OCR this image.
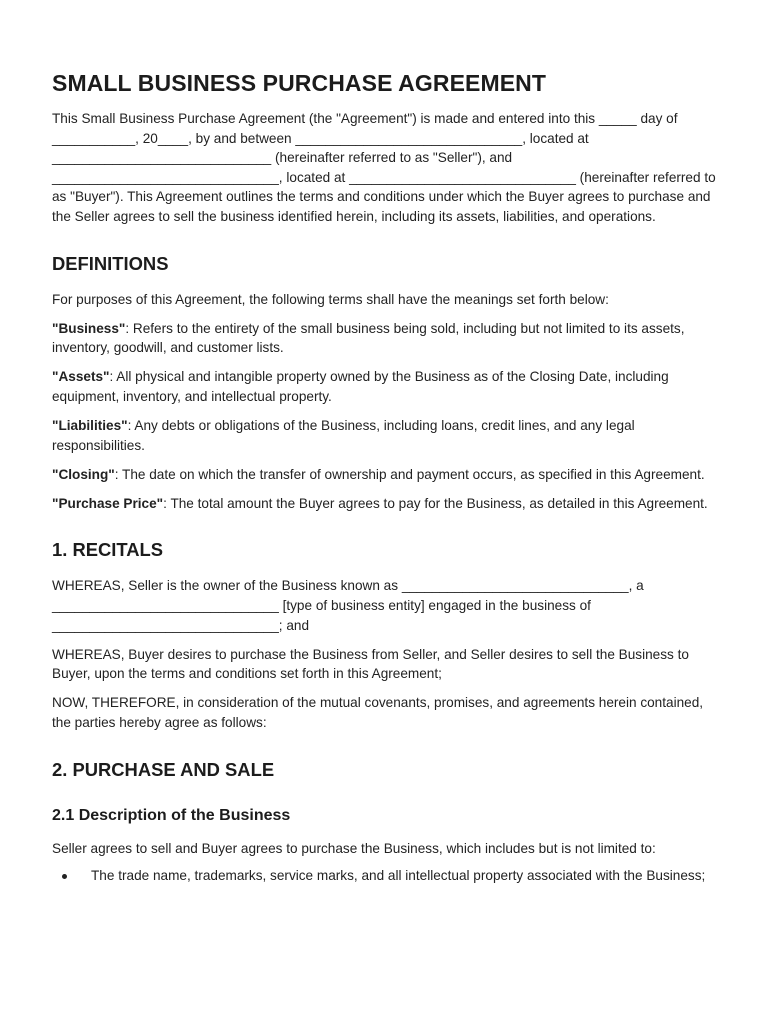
SMALL BUSINESS PURCHASE AGREEMENT

This Small Business Purchase Agreement (the "Agreement") is made and entered into this _____ day of ___________, 20____, by and between ______________________________, located at _____________________________ (hereinafter referred to as "Seller"), and ______________________________, located at ______________________________ (hereinafter referred to as "Buyer"). This Agreement outlines the terms and conditions under which the Buyer agrees to purchase and the Seller agrees to sell the business identified herein, including its assets, liabilities, and operations.

DEFINITIONS

For purposes of this Agreement, the following terms shall have the meanings set forth below:

"Business": Refers to the entirety of the small business being sold, including but not limited to its assets, inventory, goodwill, and customer lists.

"Assets": All physical and intangible property owned by the Business as of the Closing Date, including equipment, inventory, and intellectual property.

"Liabilities": Any debts or obligations of the Business, including loans, credit lines, and any legal responsibilities.

"Closing": The date on which the transfer of ownership and payment occurs, as specified in this Agreement.

"Purchase Price": The total amount the Buyer agrees to pay for the Business, as detailed in this Agreement.

1. RECITALS

WHEREAS, Seller is the owner of the Business known as ______________________________, a ______________________________ [type of business entity] engaged in the business of ______________________________; and

WHEREAS, Buyer desires to purchase the Business from Seller, and Seller desires to sell the Business to Buyer, upon the terms and conditions set forth in this Agreement;

NOW, THEREFORE, in consideration of the mutual covenants, promises, and agreements herein contained, the parties hereby agree as follows:

2. PURCHASE AND SALE
2.1 Description of the Business

Seller agrees to sell and Buyer agrees to purchase the Business, which includes but is not limited to:

The trade name, trademarks, service marks, and all intellectual property associated with the Business;
